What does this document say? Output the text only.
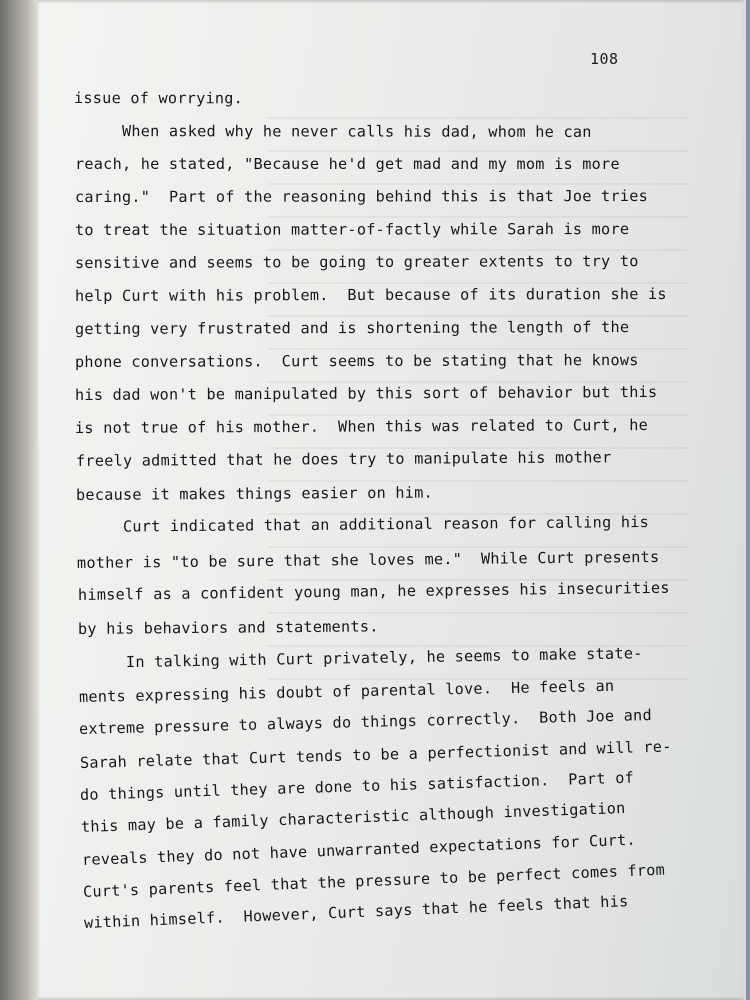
108
issue of worrying.
When asked why he never calls his dad, whom he can
reach, he stated, "Because he'd get mad and my mom is more
caring."  Part of the reasoning behind this is that Joe tries
to treat the situation matter-of-factly while Sarah is more
sensitive and seems to be going to greater extents to try to
help Curt with his problem.  But because of its duration she is
getting very frustrated and is shortening the length of the
phone conversations.  Curt seems to be stating that he knows
his dad won't be manipulated by this sort of behavior but this
is not true of his mother.  When this was related to Curt, he
freely admitted that he does try to manipulate his mother
because it makes things easier on him.
Curt indicated that an additional reason for calling his
mother is "to be sure that she loves me."  While Curt presents
himself as a confident young man, he expresses his insecurities
by his behaviors and statements.
In talking with Curt privately, he seems to make state-
ments expressing his doubt of parental love.  He feels an
extreme pressure to always do things correctly.  Both Joe and
Sarah relate that Curt tends to be a perfectionist and will re-
do things until they are done to his satisfaction.  Part of
this may be a family characteristic although investigation
reveals they do not have unwarranted expectations for Curt.
Curt's parents feel that the pressure to be perfect comes from
within himself.  However, Curt says that he feels that his
